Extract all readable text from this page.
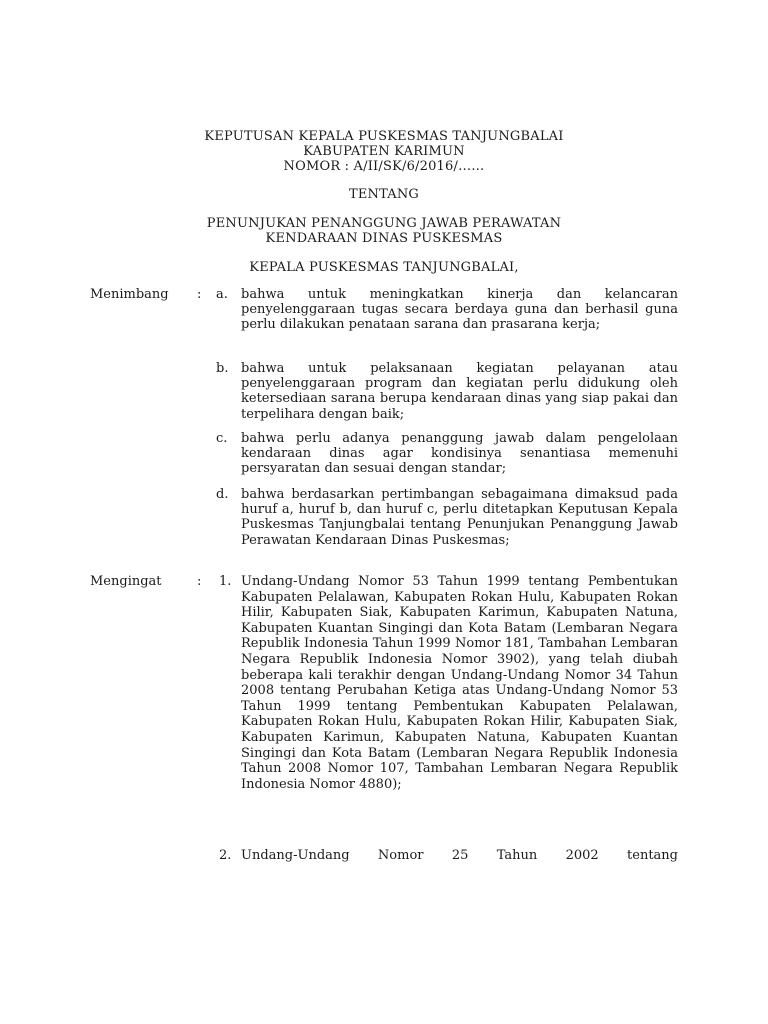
KEPUTUSAN KEPALA PUSKESMAS TANJUNGBALAI
KABUPATEN KARIMUN
NOMOR : A/II/SK/6/2016/……
TENTANG
PENUNJUKAN PENANGGUNG JAWAB PERAWATAN
KENDARAAN DINAS PUSKESMAS
KEPALA PUSKESMAS TANJUNGBALAI,
Menimbang : a. bahwa untuk meningkatkan kinerja dan kelancaran penyelenggaraan tugas secara berdaya guna dan berhasil guna perlu dilakukan penataan sarana dan prasarana kerja;
b. bahwa untuk pelaksanaan kegiatan pelayanan atau penyelenggaraan program dan kegiatan perlu didukung oleh ketersediaan sarana berupa kendaraan dinas yang siap pakai dan terpelihara dengan baik;
c. bahwa perlu adanya penanggung jawab dalam pengelolaan kendaraan dinas agar kondisinya senantiasa memenuhi persyaratan dan sesuai dengan standar;
d. bahwa berdasarkan pertimbangan sebagaimana dimaksud pada huruf a, huruf b, dan huruf c, perlu ditetapkan Keputusan Kepala Puskesmas Tanjungbalai tentang Penunjukan Penanggung Jawab Perawatan Kendaraan Dinas Puskesmas;
Mengingat	: 1. Undang-Undang Nomor 53 Tahun 1999 tentang Pembentukan Kabupaten Pelalawan, Kabupaten Rokan Hulu, Kabupaten Rokan Hilir, Kabupaten Siak, Kabupaten Karimun, Kabupaten Natuna, Kabupaten Kuantan Singingi dan Kota Batam (Lembaran Negara Republik Indonesia Tahun 1999 Nomor 181, Tambahan Lembaran Negara Republik Indonesia Nomor 3902), yang telah diubah beberapa kali terakhir dengan Undang-Undang Nomor 34 Tahun 2008 tentang Perubahan Ketiga atas Undang-Undang Nomor 53 Tahun 1999 tentang Pembentukan Kabupaten Pelalawan, Kabupaten Rokan Hulu, Kabupaten Rokan Hilir, Kabupaten Siak, Kabupaten Karimun, Kabupaten Natuna, Kabupaten Kuantan Singingi dan Kota Batam (Lembaran Negara Republik Indonesia Tahun 2008 Nomor 107, Tambahan Lembaran Negara Republik Indonesia Nomor 4880);
2. Undang-Undang Nomor 25 Tahun 2002 tentang
